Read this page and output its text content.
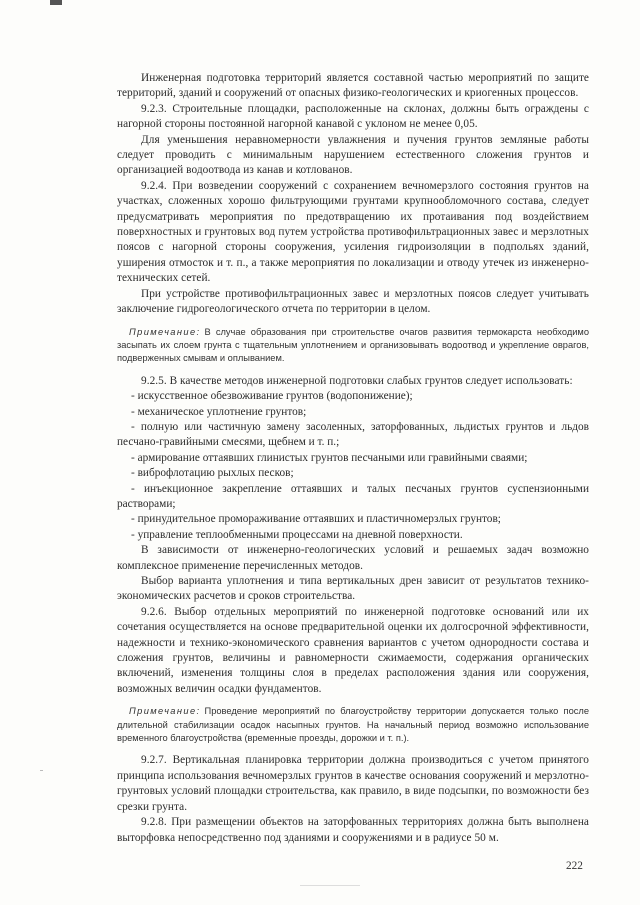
Инженерная подготовка территорий является составной частью мероприятий по защите территорий, зданий и сооружений от опасных физико-геологических и криогенных процессов.

9.2.3. Строительные площадки, расположенные на склонах, должны быть ограждены с нагорной стороны постоянной нагорной канавой с уклоном не менее 0,05.

Для уменьшения неравномерности увлажнения и пучения грунтов земляные работы следует проводить с минимальным нарушением естественного сложения грунтов и организацией водоотвода из канав и котлованов.

9.2.4. При возведении сооружений с сохранением вечномерзлого состояния грунтов на участках, сложенных хорошо фильтрующими грунтами крупнообломочного состава, следует предусматривать мероприятия по предотвращению их протаивания под воздействием поверхностных и грунтовых вод путем устройства противофильтрационных завес и мерзлотных поясов с нагорной стороны сооружения, усиления гидроизоляции в подпольях зданий, уширения отмосток и т. п., а также мероприятия по локализации и отводу утечек из инженерно-технических сетей.

При устройстве противофильтрационных завес и мерзлотных поясов следует учитывать заключение гидрогеологического отчета по территории в целом.

Примечание: В случае образования при строительстве очагов развития термокарста необходимо засыпать их слоем грунта с тщательным уплотнением и организовывать водоотвод и укрепление оврагов, подверженных смывам и оплыванием.

9.2.5. В качестве методов инженерной подготовки слабых грунтов следует использовать:

- искусственное обезвоживание грунтов (водопонижение);

- механическое уплотнение грунтов;

- полную или частичную замену засоленных, заторфованных, льдистых грунтов и льдов песчано-гравийными смесями, щебнем и т. п.;

- армирование оттаявших глинистых грунтов песчаными или гравийными сваями;

- виброфлотацию рыхлых песков;

- инъекционное закрепление оттаявших и талых песчаных грунтов суспензионными растворами;

- принудительное промораживание оттаявших и пластичномерзлых грунтов;

- управление теплообменными процессами на дневной поверхности.

В зависимости от инженерно-геологических условий и решаемых задач возможно комплексное применение перечисленных методов.

Выбор варианта уплотнения и типа вертикальных дрен зависит от результатов технико-экономических расчетов и сроков строительства.

9.2.6. Выбор отдельных мероприятий по инженерной подготовке оснований или их сочетания осуществляется на основе предварительной оценки их долгосрочной эффективности, надежности и технико-экономического сравнения вариантов с учетом однородности состава и сложения грунтов, величины и равномерности сжимаемости, содержания органических включений, изменения толщины слоя в пределах расположения здания или сооружения, возможных величин осадки фундаментов.

Примечание: Проведение мероприятий по благоустройству территории допускается только после длительной стабилизации осадок насыпных грунтов. На начальный период возможно использование временного благоустройства (временные проезды, дорожки и т. п.).

9.2.7. Вертикальная планировка территории должна производиться с учетом принятого принципа использования вечномерзлых грунтов в качестве основания сооружений и мерзлотно-грунтовых условий площадки строительства, как правило, в виде подсыпки, по возможности без срезки грунта.

9.2.8. При размещении объектов на заторфованных территориях должна быть выполнена выторфовка непосредственно под зданиями и сооружениями и в радиусе 50 м.

222
